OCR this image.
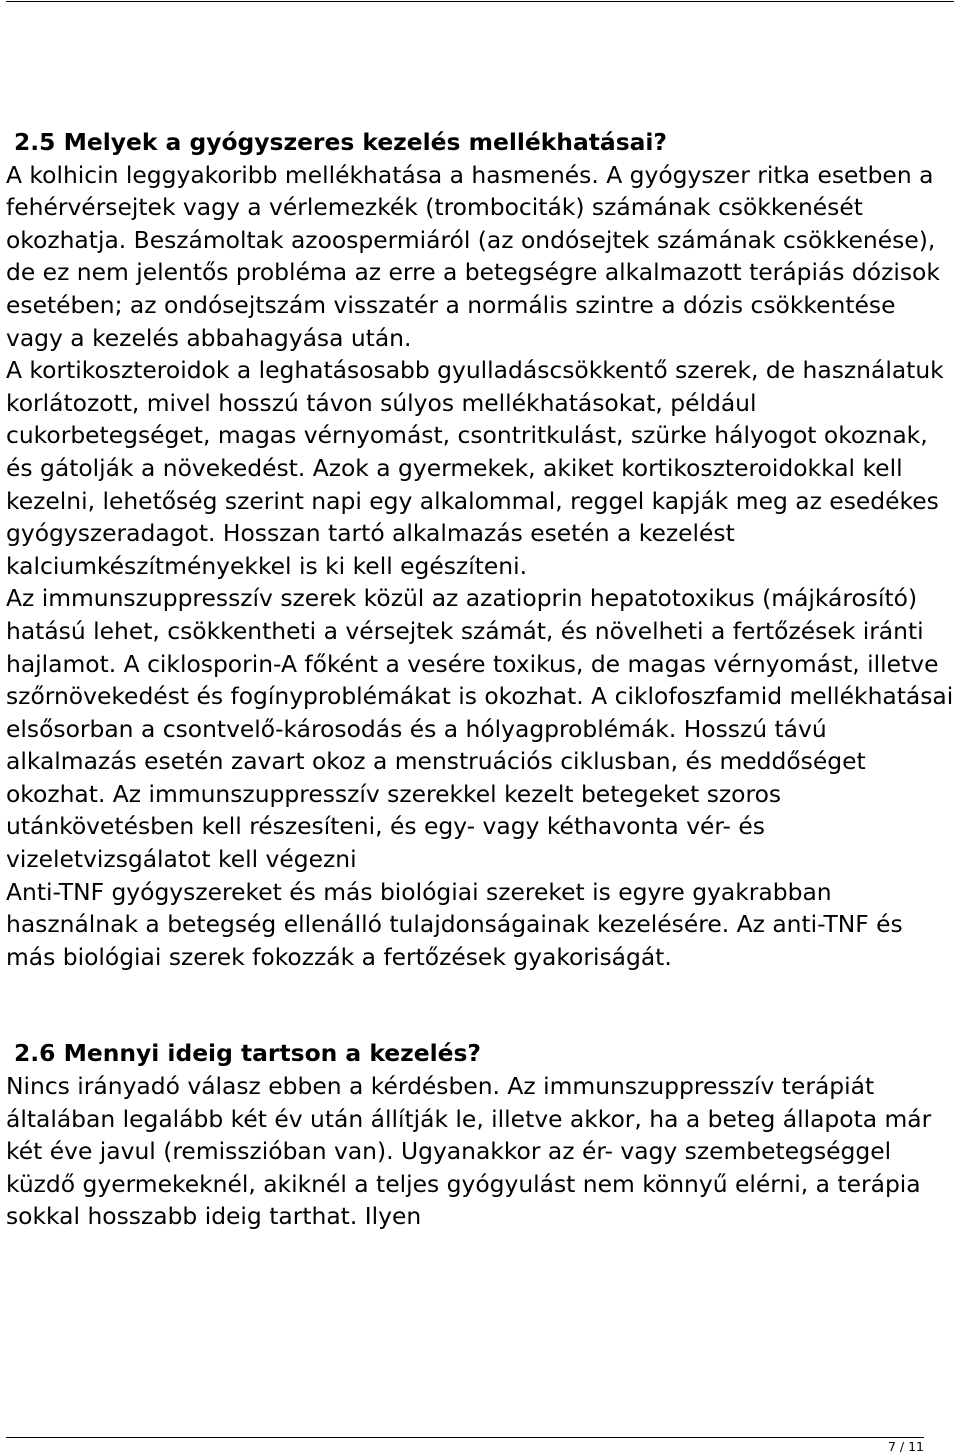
2.5 Melyek a gyógyszeres kezelés mellékhatásai?

A kolhicin leggyakoribb mellékhatása a hasmenés. A gyógyszer ritka esetben a fehérvérsejtek vagy a vérlemezkék (trombociták) számának csökkenését okozhatja. Beszámoltak azoospermiáról (az ondósejtek számának csökkenése), de ez nem jelentős probléma az erre a betegségre alkalmazott terápiás dózisok esetében; az ondósejtszám visszatér a normális szintre a dózis csökkentése vagy a kezelés abbahagyása után.

A kortikoszteroidok a leghatásosabb gyulladáscsökkentő szerek, de használatuk korlátozott, mivel hosszú távon súlyos mellékhatásokat, például cukorbetegséget, magas vérnyomást, csontritkulást, szürke hályogot okoznak, és gátolják a növekedést. Azok a gyermekek, akiket kortikoszteroidokkal kell kezelni, lehetőség szerint napi egy alkalommal, reggel kapják meg az esedékes gyógyszeradagot. Hosszan tartó alkalmazás esetén a kezelést kalciumkészítményekkel is ki kell egészíteni.

Az immunszuppresszív szerek közül az azatioprin hepatotoxikus (májkárosító) hatású lehet, csökkentheti a vérsejtek számát, és növelheti a fertőzések iránti hajlamot. A ciklosporin-A főként a vesére toxikus, de magas vérnyomást, illetve szőrnövekedést és fogínyproblémákat is okozhat. A ciklofoszfamid mellékhatásai elsősorban a csontvelő-károsodás és a hólyagproblémák. Hosszú távú alkalmazás esetén zavart okoz a menstruációs ciklusban, és meddőséget okozhat. Az immunszuppresszív szerekkel kezelt betegeket szoros utánkövetésben kell részesíteni, és egy- vagy kéthavonta vér- és vizeletvizsgálatot kell végezni

Anti-TNF gyógyszereket és más biológiai szereket is egyre gyakrabban használnak a betegség ellenálló tulajdonságainak kezelésére. Az anti-TNF és más biológiai szerek fokozzák a fertőzések gyakoriságát.

2.6 Mennyi ideig tartson a kezelés?

Nincs irányadó válasz ebben a kérdésben. Az immunszuppresszív terápiát általában legalább két év után állítják le, illetve akkor, ha a beteg állapota már két éve javul (remisszióban van). Ugyanakkor az ér- vagy szembetegséggel küzdő gyermekeknél, akiknél a teljes gyógyulást nem könnyű elérni, a terápia sokkal hosszabb ideig tarthat. Ilyen

7 / 11
